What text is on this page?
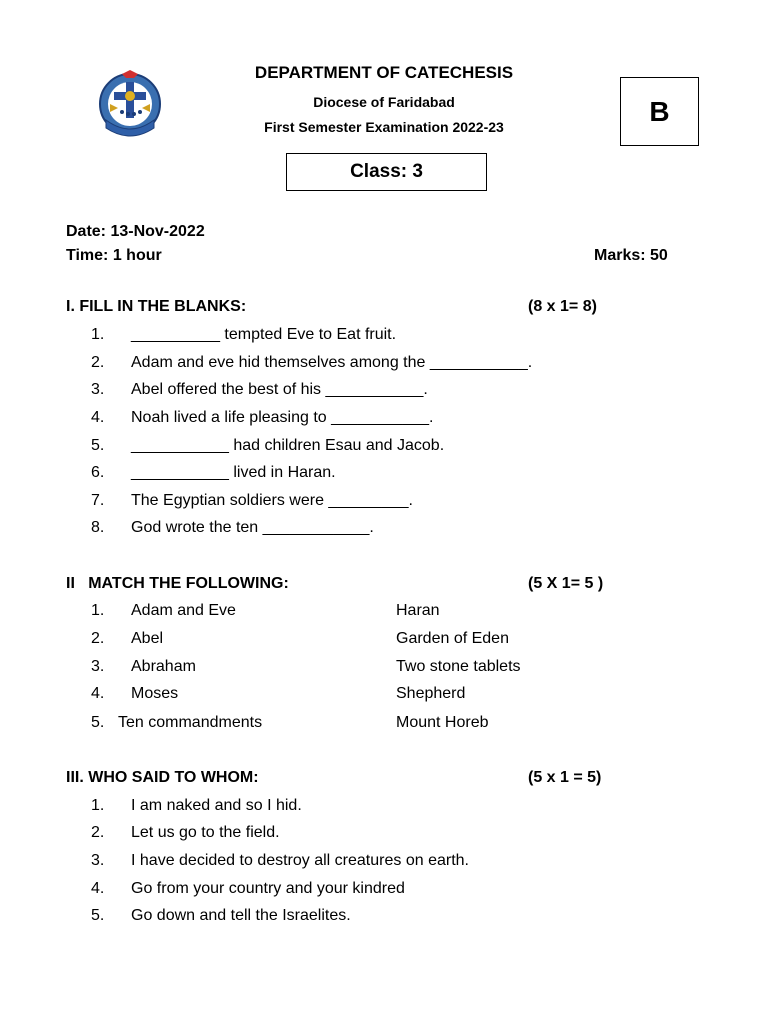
DEPARTMENT OF CATECHESIS
Diocese of Faridabad
First Semester Examination 2022-23
B
Class: 3
Date: 13-Nov-2022
Time: 1 hour	Marks: 50
I. FILL IN THE BLANKS:	(8 x 1= 8)
1. __________ tempted Eve to Eat fruit.
2. Adam and eve hid themselves among the ___________.
3. Abel offered the best of his ___________.
4. Noah lived a life pleasing to ___________.
5. ___________ had children Esau and Jacob.
6. ___________ lived in Haran.
7. The Egyptian soldiers were _________.
8. God wrote the ten ____________.
II   MATCH THE FOLLOWING:	(5 X 1= 5 )
1. Adam and Eve	Haran
2. Abel	Garden of Eden
3. Abraham	Two stone tablets
4. Moses	Shepherd
5. Ten commandments	Mount Horeb
III. WHO SAID TO WHOM:	(5 x 1 = 5)
1. I am naked and so I hid.
2. Let us go to the field.
3. I have decided to destroy all creatures on earth.
4. Go from your country and your kindred
5. Go down and tell the Israelites.
